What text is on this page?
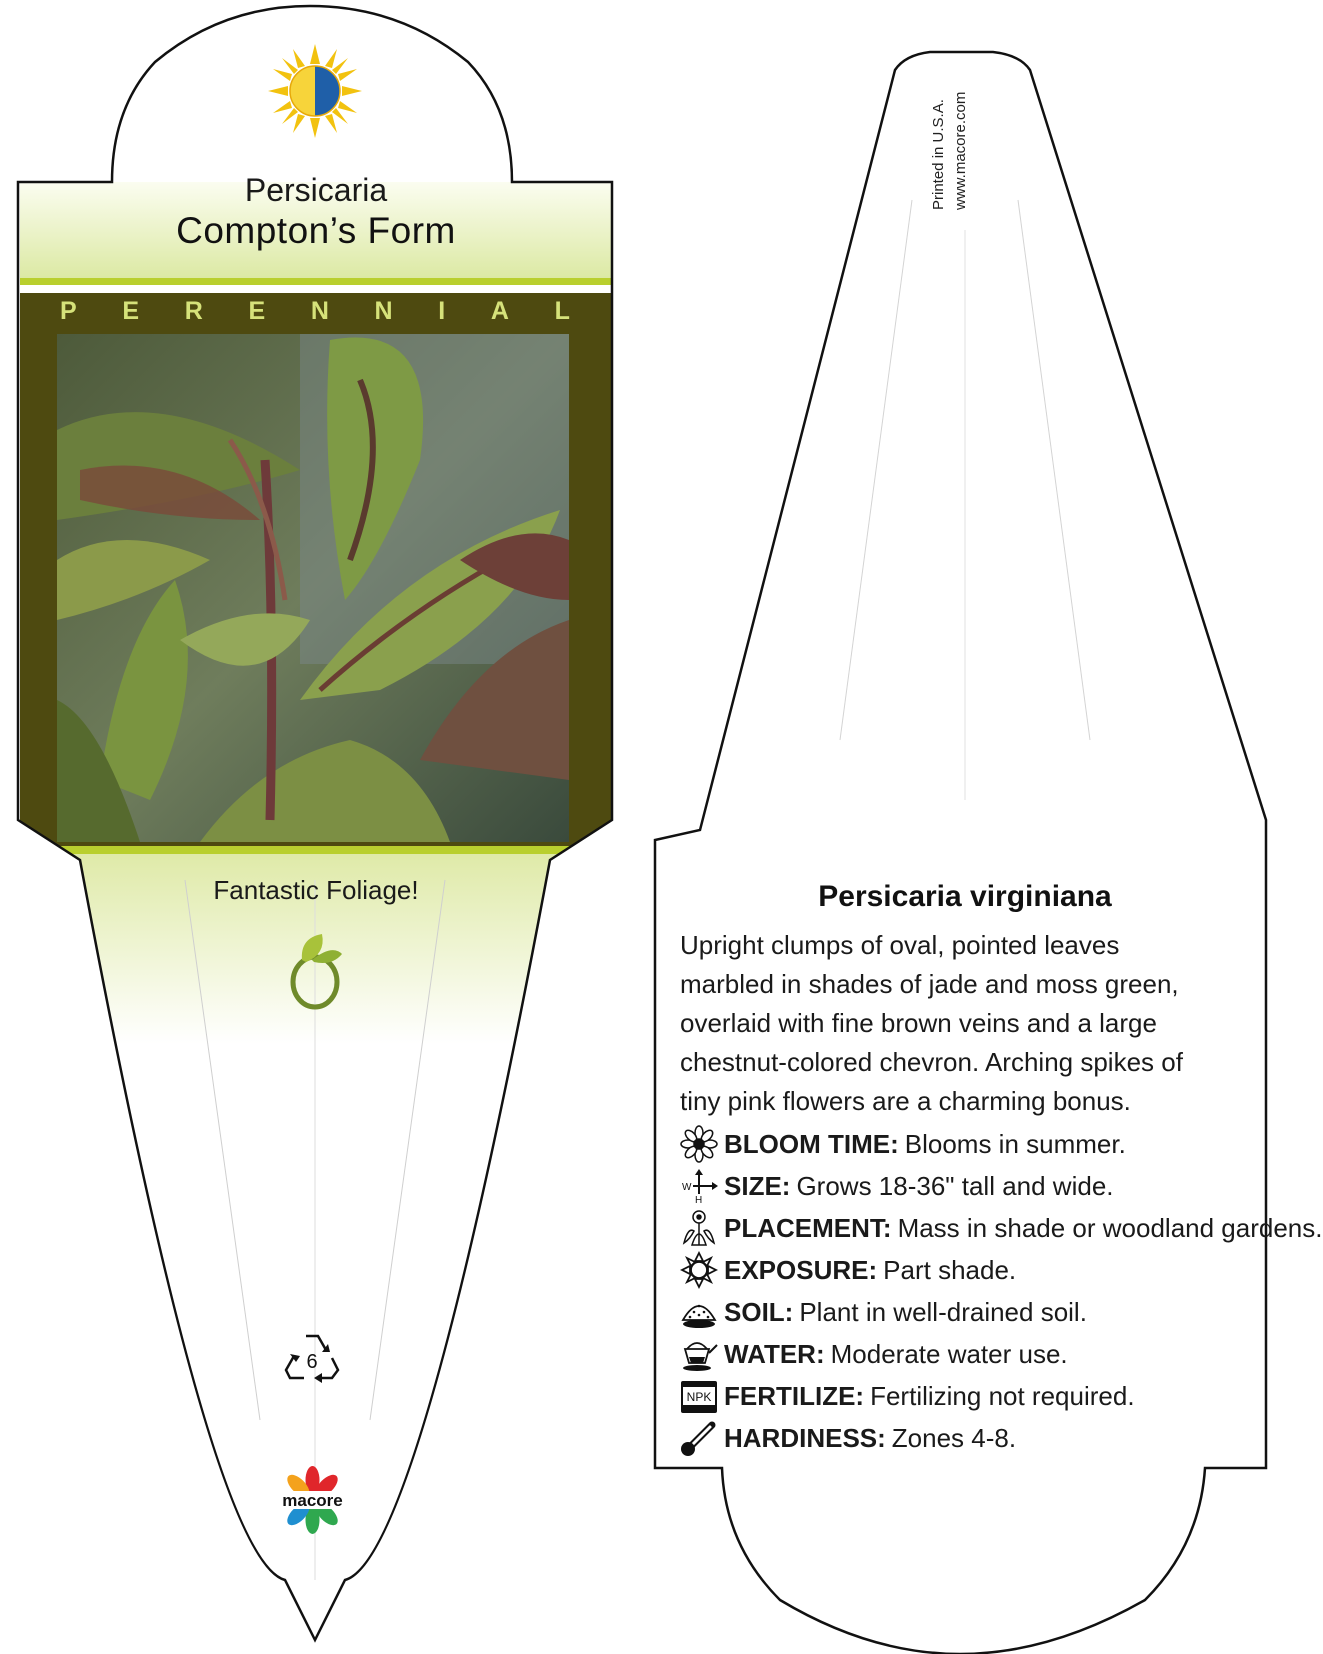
Persicaria
Compton’s Form
P E R E N N I A L
Fantastic Foliage!
6
macore
Printed in U.S.A. www.macore.com
Persicaria virginiana
Upright clumps of oval, pointed leaves marbled in shades of jade and moss green, overlaid with fine brown veins and a large chestnut-colored chevron. Arching spikes of tiny pink flowers are a charming bonus.
BLOOM TIME: Blooms in summer.
W
H SIZE: Grows 18-36" tall and wide.
PLACEMENT: Mass in shade or woodland gardens.
EXPOSURE: Part shade.
SOIL: Plant in well-drained soil.
WATER: Moderate water use.
NPK FERTILIZE: Fertilizing not required.
HARDINESS: Zones 4-8.
